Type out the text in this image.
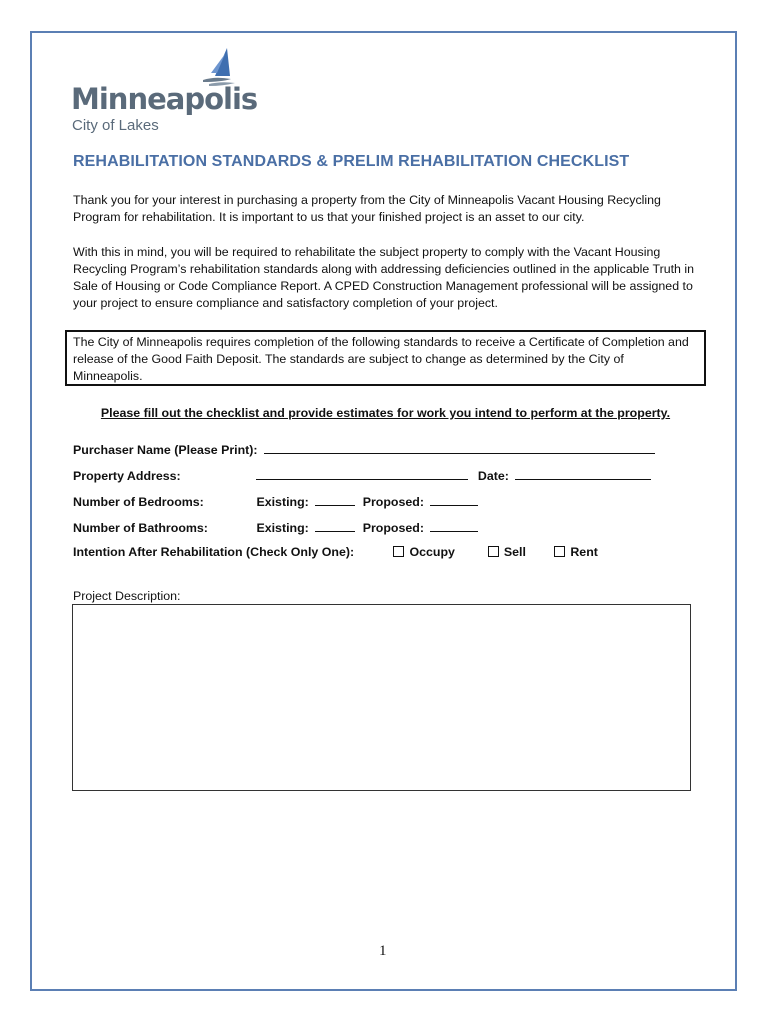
Minneapolis
City of Lakes
REHABILITATION STANDARDS & PRELIM REHABILITATION CHECKLIST
Thank you for your interest in purchasing a property from the City of Minneapolis Vacant Housing Recycling Program for rehabilitation. It is important to us that your finished project is an asset to our city.
With this in mind, you will be required to rehabilitate the subject property to comply with the Vacant Housing Recycling Program’s rehabilitation standards along with addressing deficiencies outlined in the applicable Truth in Sale of Housing or Code Compliance Report. A CPED Construction Management professional will be assigned to your project to ensure compliance and satisfactory completion of your project.
The City of Minneapolis requires completion of the following standards to receive a Certificate of Completion and release of the Good Faith Deposit. The standards are subject to change as determined by the City of Minneapolis.
Please fill out the checklist and provide estimates for work you intend to perform at the property.
Purchaser Name (Please Print):
Property Address:	Date:
Number of Bedrooms:	Existing:	Proposed:
Number of Bathrooms:	Existing:	Proposed:
Intention After Rehabilitation (Check Only One):	Occupy	Sell	Rent
Project Description:
1
